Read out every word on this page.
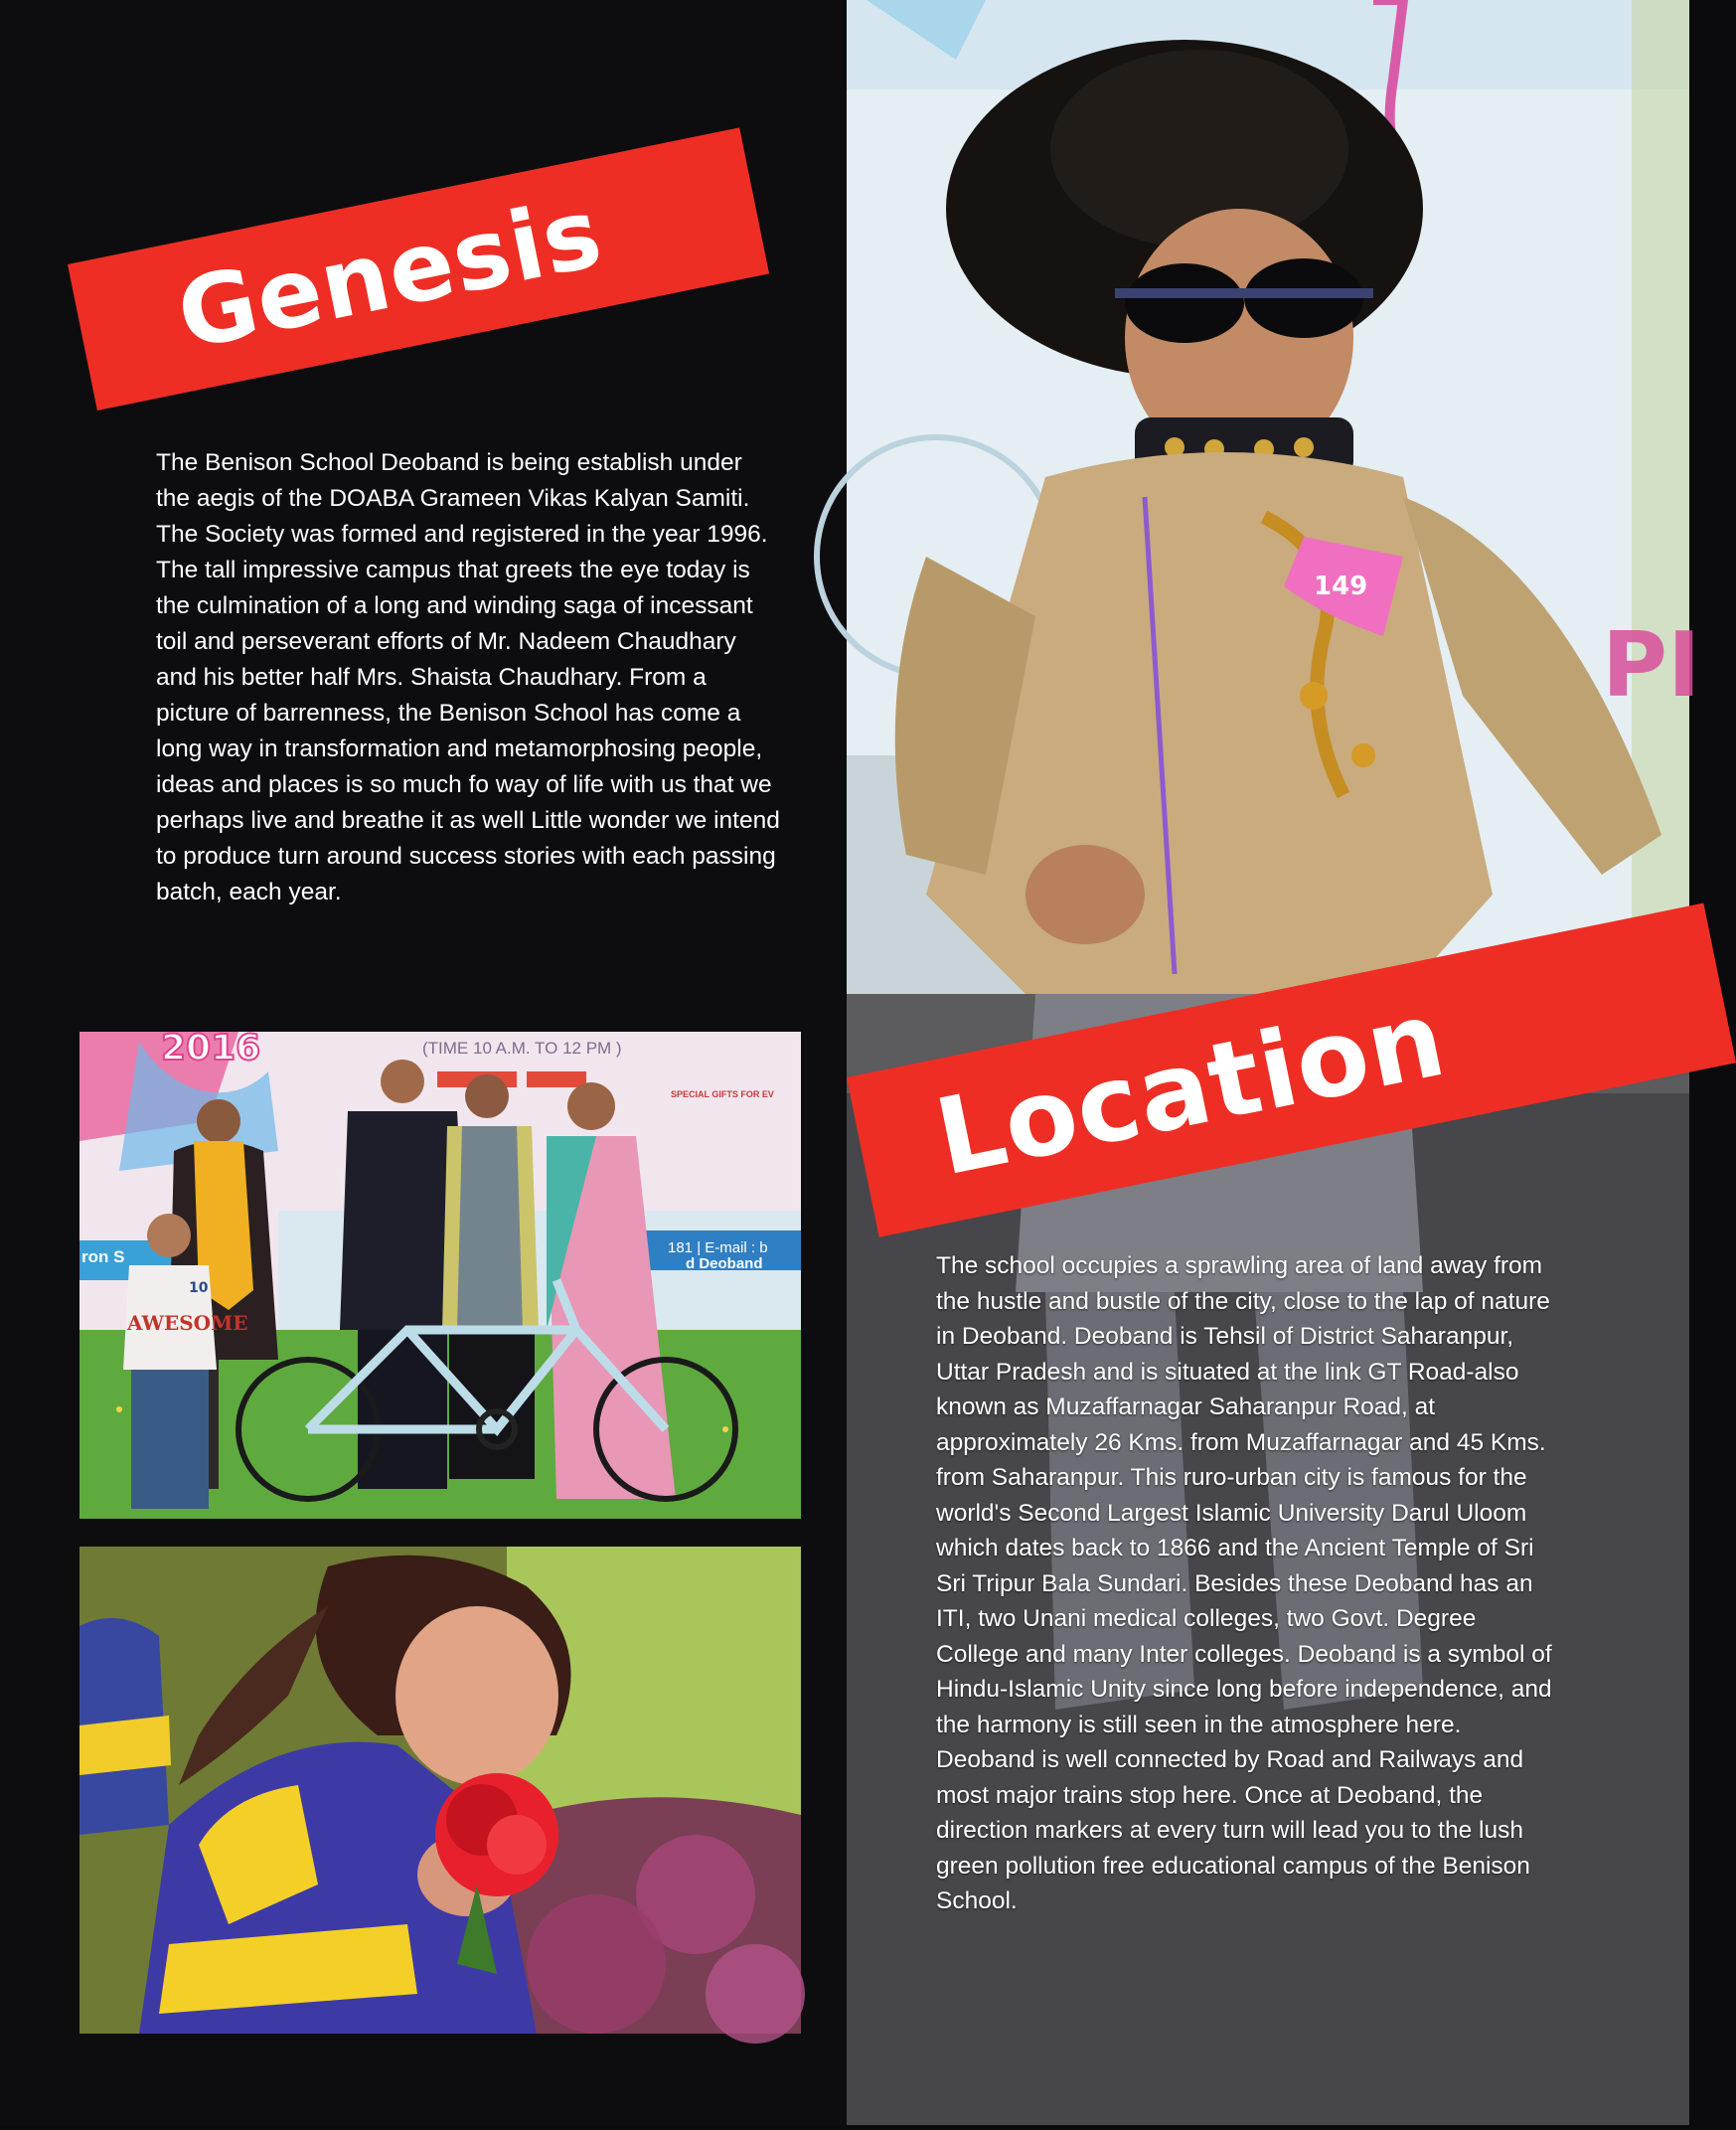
Genesis
The Benison School Deoband is being establish under the aegis of the DOABA Grameen Vikas Kalyan Samiti. The Society was formed and registered in the year 1996. The tall impressive campus that greets the eye today is the culmination of a long and winding saga of incessant toil and perseverant efforts of Mr. Nadeem Chaudhary and his better half Mrs. Shaista Chaudhary. From a picture of barrenness, the Benison School has come a long way in transformation and metamorphosing people, ideas and places is so much fo way of life with us that we perhaps live and breathe it as well Little wonder we intend to produce turn around success stories with each passing batch, each year.
2016	(TIME 10 A.M. TO 12 PM )
SPECIAL GIFTS FOR EV
181 | E-mail : b
d Deoband
ron S
AWESOME
10
PI
149
Location
The school occupies a sprawling area of land away from the hustle and bustle of the city, close to the lap of nature in Deoband. Deoband is Tehsil of District Saharanpur, Uttar Pradesh and is situated at the link GT Road-also known as Muzaffarnagar Saharanpur Road, at approximately 26 Kms. from Muzaffarnagar and 45 Kms. from Saharanpur. This ruro-urban city is famous for the world's Second Largest Islamic University Darul Uloom which dates back to 1866 and the Ancient Temple of Sri Sri Tripur Bala Sundari. Besides these Deoband has an ITI, two Unani medical colleges, two Govt. Degree College and many Inter colleges. Deoband is a symbol of Hindu-Islamic Unity since long before independence, and the harmony is still seen in the atmosphere here. Deoband is well connected by Road and Railways and most major trains stop here. Once at Deoband, the direction markers at every turn will lead you to the lush green pollution free educational campus of the Benison School.
